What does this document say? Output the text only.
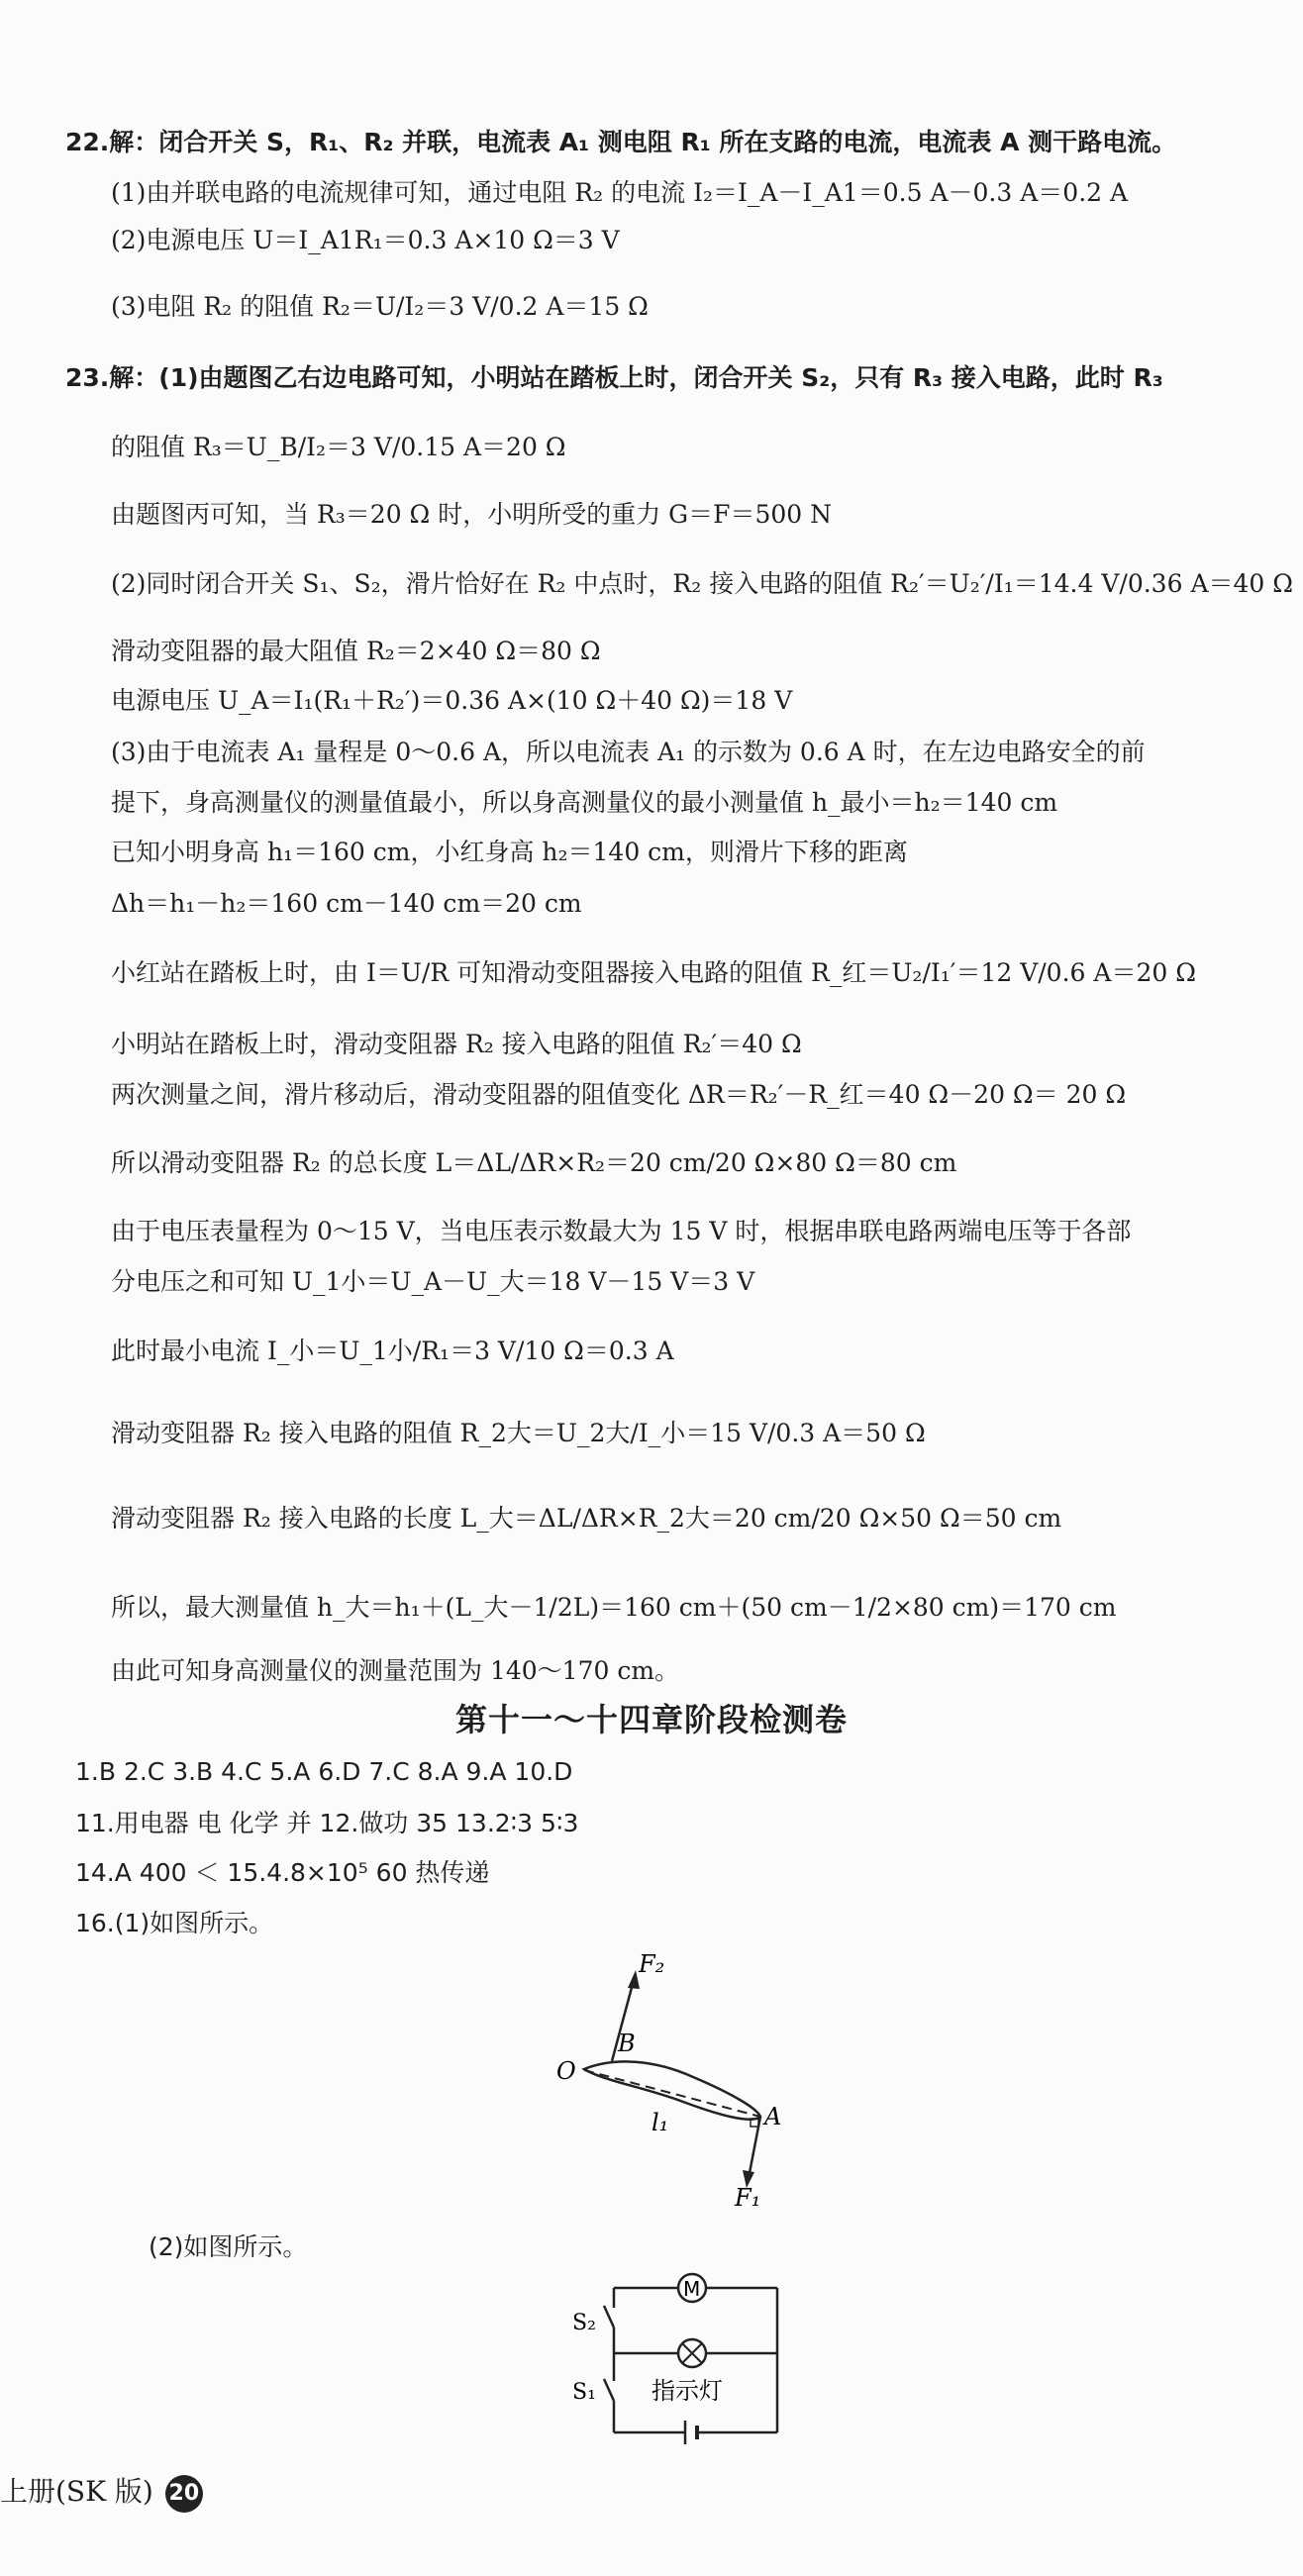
22.解：闭合开关 S，R₁、R₂ 并联，电流表 A₁ 测电阻 R₁ 所在支路的电流，电流表 A 测干路电流。
(1)由并联电路的电流规律可知，通过电阻 R₂ 的电流 I₂＝I_A－I_A1＝0.5 A－0.3 A＝0.2 A
(2)电源电压 U＝I_A1R₁＝0.3 A×10 Ω＝3 V
(3)电阻 R₂ 的阻值 R₂＝U/I₂＝3 V/0.2 A＝15 Ω
23.解：(1)由题图乙右边电路可知，小明站在踏板上时，闭合开关 S₂，只有 R₃ 接入电路，此时 R₃
的阻值 R₃＝U_B/I₂＝3 V/0.15 A＝20 Ω
由题图丙可知，当 R₃＝20 Ω 时，小明所受的重力 G＝F＝500 N
(2)同时闭合开关 S₁、S₂，滑片恰好在 R₂ 中点时，R₂ 接入电路的阻值 R₂′＝U₂′/I₁＝14.4 V/0.36 A＝40 Ω
滑动变阻器的最大阻值 R₂＝2×40 Ω＝80 Ω
电源电压 U_A＝I₁(R₁＋R₂′)＝0.36 A×(10 Ω＋40 Ω)＝18 V
(3)由于电流表 A₁ 量程是 0～0.6 A，所以电流表 A₁ 的示数为 0.6 A 时，在左边电路安全的前
提下，身高测量仪的测量值最小，所以身高测量仪的最小测量值 h_最小＝h₂＝140 cm
已知小明身高 h₁＝160 cm，小红身高 h₂＝140 cm，则滑片下移的距离
Δh＝h₁－h₂＝160 cm－140 cm＝20 cm
小红站在踏板上时，由 I＝U/R 可知滑动变阻器接入电路的阻值 R_红＝U₂/I₁′＝12 V/0.6 A＝20 Ω
小明站在踏板上时，滑动变阻器 R₂ 接入电路的阻值 R₂′＝40 Ω
两次测量之间，滑片移动后，滑动变阻器的阻值变化 ΔR＝R₂′－R_红＝40 Ω－20 Ω＝ 20 Ω
所以滑动变阻器 R₂ 的总长度 L＝ΔL/ΔR×R₂＝20 cm/20 Ω×80 Ω＝80 cm
由于电压表量程为 0～15 V，当电压表示数最大为 15 V 时，根据串联电路两端电压等于各部
分电压之和可知 U_1小＝U_A－U_大＝18 V－15 V＝3 V
此时最小电流 I_小＝U_1小/R₁＝3 V/10 Ω＝0.3 A
滑动变阻器 R₂ 接入电路的阻值 R_2大＝U_2大/I_小＝15 V/0.3 A＝50 Ω
滑动变阻器 R₂ 接入电路的长度 L_大＝ΔL/ΔR×R_2大＝20 cm/20 Ω×50 Ω＝50 cm
所以，最大测量值 h_大＝h₁＋(L_大－1/2L)＝160 cm＋(50 cm－1/2×80 cm)＝170 cm
由此可知身高测量仪的测量范围为 140～170 cm。
第十一～十四章阶段检测卷
1.B 2.C 3.B 4.C 5.A 6.D 7.C 8.A 9.A 10.D
11.用电器 电 化学 并 12.做功 35 13.2∶3 5∶3
14.A 400 ＜ 15.4.8×10⁵ 60 热传递
16.(1)如图所示。
O
B
A
F₂
F₁
l₁
(2)如图所示。
M
指示灯
S₂
S₁
上册(SK 版) 20
